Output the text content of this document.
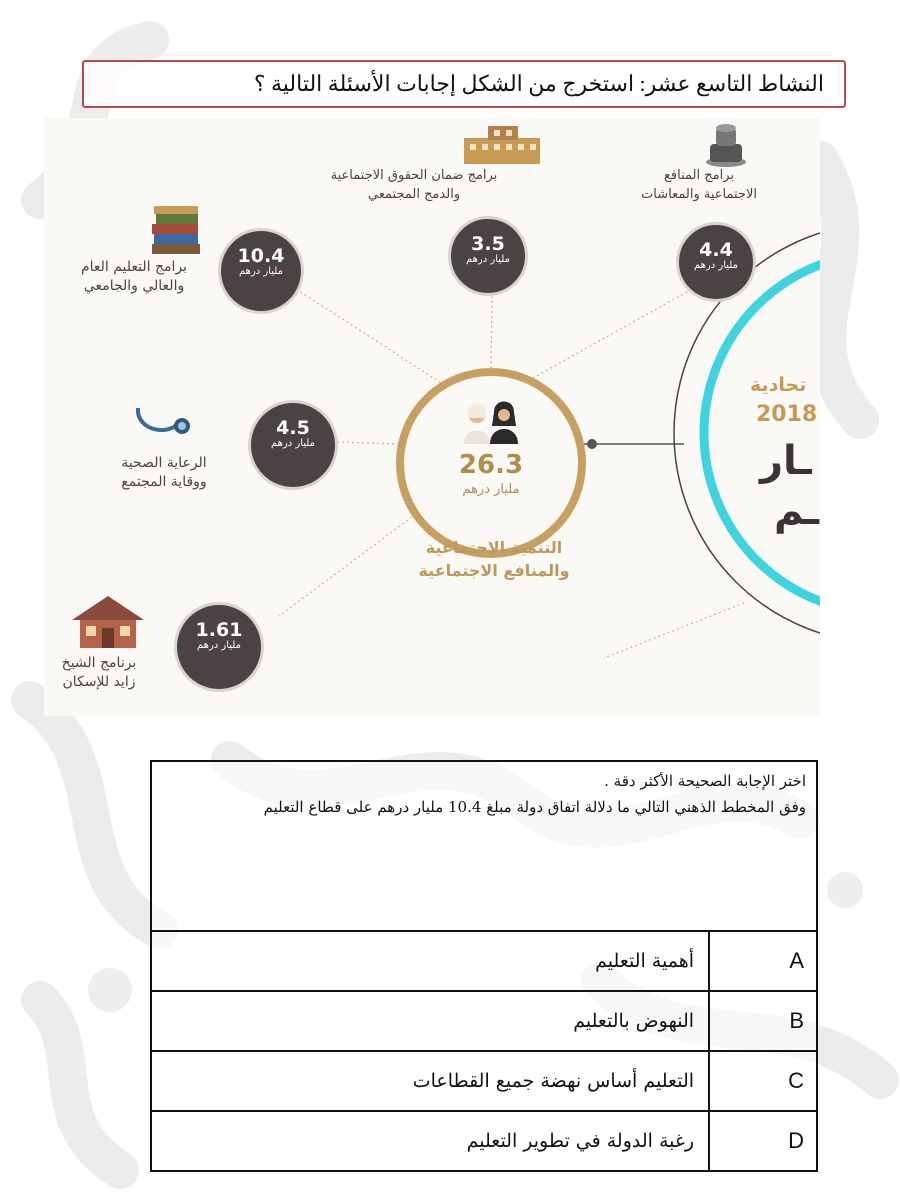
النشاط التاسع عشر: استخرج من الشكل إجابات الأسئلة التالية ؟
برامج المنافع
الاجتماعية والمعاشات
4.4
مليار درهم
برامج ضمان الحقوق الاجتماعية
والدمج المجتمعي
3.5
مليار درهم
برامج التعليم العام
والعالي والجامعي
10.4
مليار درهم
الرعاية الصحية
ووقاية المجتمع
4.5
مليار درهم
برنامج الشيخ
زايد للإسكان
1.61
مليار درهم
26.3
مليار درهم
التنمية الاجتماعية
والمنافع الاجتماعية
تحادية
2018
ـار
ـم
اختر الإجابة الصحيحة الأكثر دقة .
وفق المخطط الذهني التالي ما دلالة اتفاق دولة مبلغ 10.4 مليار درهم على قطاع التعليم	

أهمية التعليم	A
النهوض بالتعليم	B
التعليم أساس نهضة جميع القطاعات	C
رغبة الدولة في تطوير التعليم	D
